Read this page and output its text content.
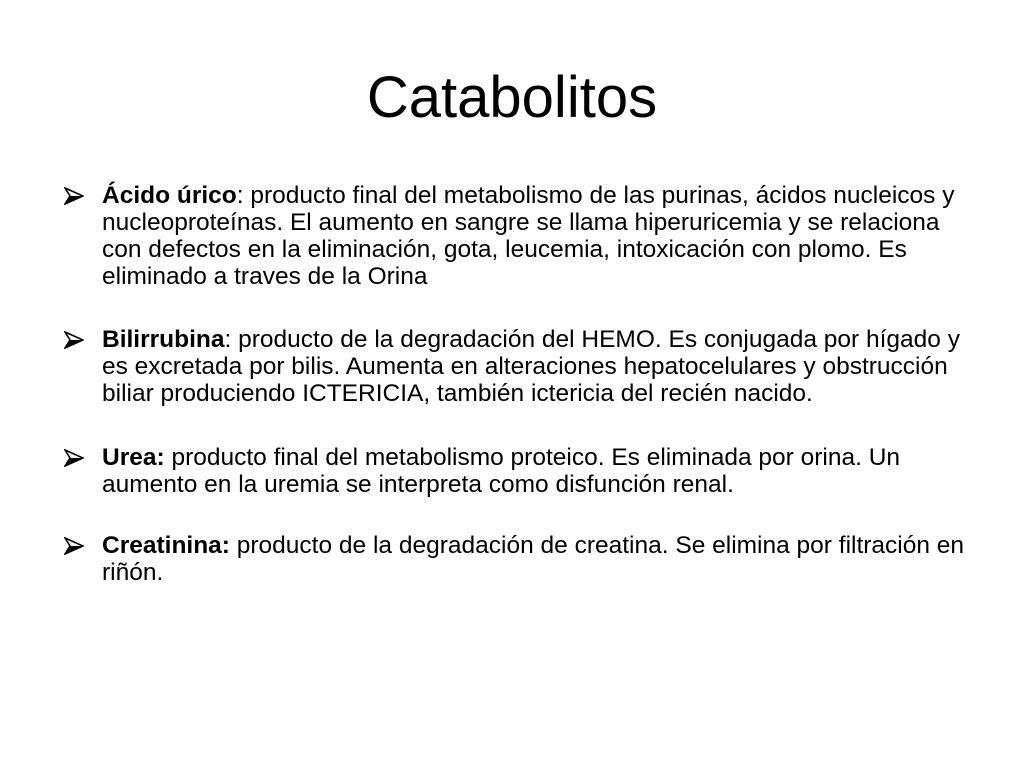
Catabolitos
Ácido úrico: producto final del metabolismo de las purinas, ácidos nucleicos y nucleoproteínas. El aumento en sangre se llama hiperuricemia y se relaciona con defectos en la eliminación, gota, leucemia, intoxicación con plomo. Es eliminado a traves de la Orina
Bilirrubina: producto de la degradación del HEMO. Es conjugada por hígado y es excretada por bilis. Aumenta en alteraciones hepatocelulares y obstrucción biliar produciendo ICTERICIA, también ictericia del recién nacido.
Urea: producto final del metabolismo proteico. Es eliminada por orina. Un aumento en la uremia se interpreta como disfunción renal.
Creatinina: producto de la degradación de creatina. Se elimina por filtración en riñón.
